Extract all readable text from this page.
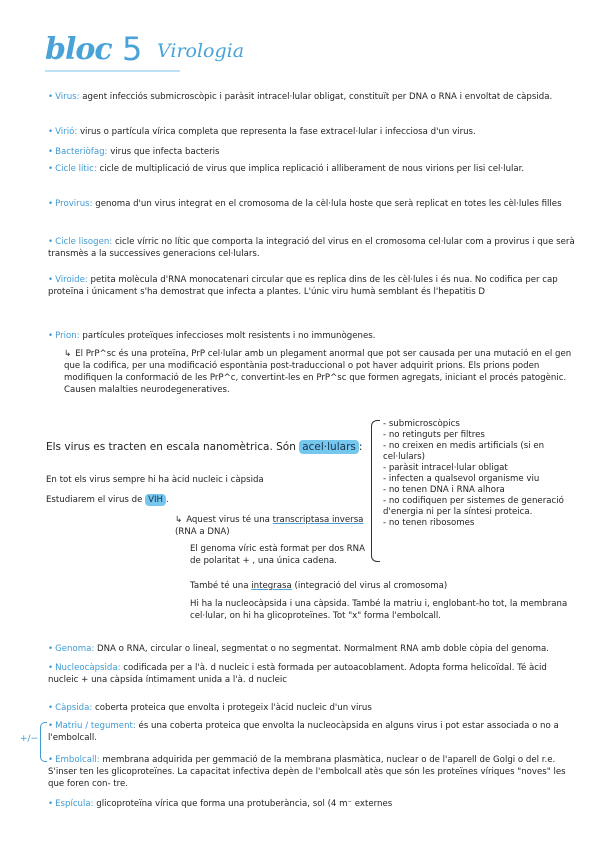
bloc 5 Virologia
• Virus: agent infecciós submicroscòpic i paràsit intracel·lular obligat, constituït per DNA o RNA i envoltat de càpsida.
• Virió: virus o partícula vírica completa que representa la fase extracel·lular i infecciosa d'un virus.
• Bacteriòfag: virus que infecta bacteris
• Cicle lític: cicle de multiplicació de virus que implica replicació i alliberament de nous virions per lisi cel·lular.
• Provirus: genoma d'un virus integrat en el cromosoma de la cèl·lula hoste que serà replicat en totes les cèl·lules filles
• Cicle lisogen: cicle vírric no lític que comporta la integració del virus en el cromosoma cel·lular com a provirus i que serà transmès a la successives generacions cel·lulars.
• Viroide: petita molècula d'RNA monocatenari circular que es replica dins de les cèl·lules i és nua. No codifica per cap proteïna i únicament s'ha demostrat que infecta a plantes. L'únic viru humà semblant és l'hepatitis D
• Prion: partícules proteïques infeccioses molt resistents i no immunògenes.
↳ El PrP^sc és una proteïna, PrP cel·lular amb un plegament anormal que pot ser causada per una mutació en el gen que la codifica, per una modificació espontània post-traduccional o pot haver adquirit prions. Els prions poden modifiquen la conformació de les PrP^c, convertint-les en PrP^sc que formen agregats, iniciant el procés patogènic. Causen malalties neurodegeneratives.
Els virus es tracten en escala nanomètrica. Són acel·lulars :
- submicroscòpics
- no retinguts per filtres
- no creixen en medis artificials (si en cel·lulars)
- paràsit intracel·lular obligat
- infecten a qualsevol organisme viu
- no tenen DNA i RNA alhora
- no codifiquen per sistemes de generació d'energia ni per la síntesi proteica.
- no tenen ribosomes
En tot els virus sempre hi ha àcid nucleic i càpsida
Estudiarem el virus de VIH .
↳ Aquest virus té una transcriptasa inversa (RNA a DNA)
El genoma víric està format per dos RNA de polaritat + , una única cadena.
També té una integrasa (integració del virus al cromosoma)
Hi ha la nucleocàpsida i una càpsida. També la matriu i, englobant-ho tot, la membrana cel·lular, on hi ha glicoproteïnes. Tot "x" forma l'embolcall.
• Genoma: DNA o RNA, circular o lineal, segmentat o no segmentat. Normalment RNA amb doble còpia del genoma.
• Nucleocàpsida: codificada per a l'à. d nucleic i està formada per autoacoblament. Adopta forma helicoïdal. Té àcid nucleic + una càpsida íntimament unida a l'à. d nucleic
• Càpsida: coberta proteica que envolta i protegeix l'àcid nucleic d'un virus
+/−
• Matriu / tegument: és una coberta proteica que envolta la nucleocàpsida en alguns virus i pot estar associada o no a l'embolcall.
• Embolcall: membrana adquirida per gemmació de la membrana plasmàtica, nuclear o de l'aparell de Golgi o del r.e. S'inser ten les glicoproteïnes. La capacitat infectiva depèn de l'embolcall atès que són les proteïnes víriques "noves" les que foren con- tre.
• Espícula: glicoproteïna vírica que forma una protuberància, sol (4 m⁻ externes
